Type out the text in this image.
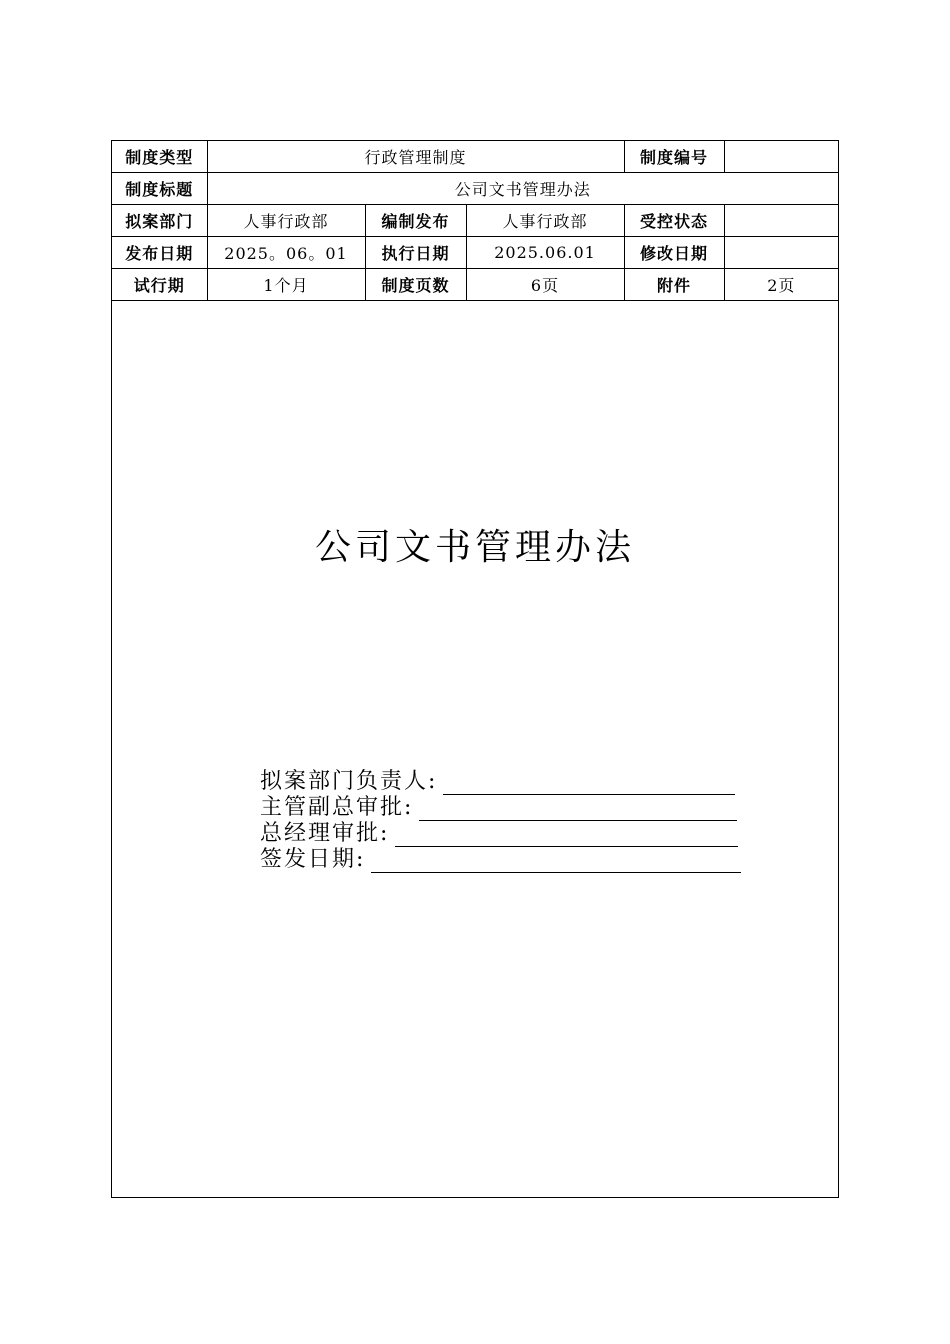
制度类型	行政管理制度			制度编号	
制度标题	公司文书管理办法				
拟案部门	人事行政部	编制发布	人事行政部	受控状态	
发布日期	2025。06。01	执行日期	2025.06.01	修改日期	
试行期	1个月	制度页数	6页	附件	2页
公司文书管理办法
拟案部门负责人:
主管副总审批:
总经理审批:
签发日期:
